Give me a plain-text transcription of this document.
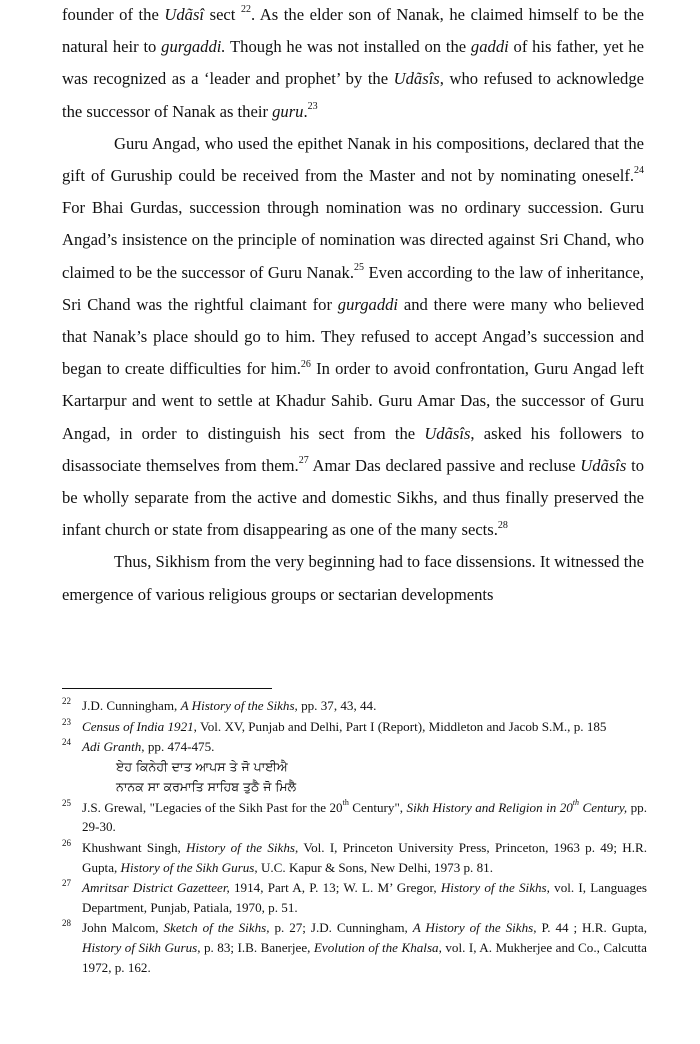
founder of the Udãsî sect $^{22}$. As the elder son of Nanak, he claimed himself to be the natural heir to gurgaddi. Though he was not installed on the gaddi of his father, yet he was recognized as a ‘leader and prophet’ by the Udãsîs, who refused to acknowledge the successor of Nanak as their guru.$^{23}$

Guru Angad, who used the epithet Nanak in his compositions, declared that the gift of Guruship could be received from the Master and not by nominating oneself.$^{24}$ For Bhai Gurdas, succession through nomination was no ordinary succession. Guru Angad’s insistence on the principle of nomination was directed against Sri Chand, who claimed to be the successor of Guru Nanak.$^{25}$ Even according to the law of inheritance, Sri Chand was the rightful claimant for gurgaddi and there were many who believed that Nanak’s place should go to him. They refused to accept Angad’s succession and began to create difficulties for him.$^{26}$ In order to avoid confrontation, Guru Angad left Kartarpur and went to settle at Khadur Sahib. Guru Amar Das, the successor of Guru Angad, in order to distinguish his sect from the Udãsîs, asked his followers to disassociate themselves from them.$^{27}$ Amar Das declared passive and recluse Udãsîs to be wholly separate from the active and domestic Sikhs, and thus finally preserved the infant church or state from disappearing as one of the many sects.$^{28}$

Thus, Sikhism from the very beginning had to face dissensions. It witnessed the emergence of various religious groups or sectarian developments

22 J.D. Cunningham, A History of the Sikhs, pp. 37, 43, 44.
23 Census of India 1921, Vol. XV, Punjab and Delhi, Part I (Report), Middleton and Jacob S.M., p. 185
24 Adi Granth, pp. 474-475.
ਏਹ ਕਿਨੇਹੀ ਦਾਤ ਆਪਸ ਤੇ ਜੋ ਪਾਈਐ
ਨਾਨਕ ਸਾ ਕਰਮਾਤਿ ਸਾਹਿਬ ਤੁਠੈ ਜੋ ਮਿਲੈ
25 J.S. Grewal, "Legacies of the Sikh Past for the 20th Century", Sikh History and Religion in 20th Century, pp. 29-30.
26 Khushwant Singh, History of the Sikhs, Vol. I, Princeton University Press, Princeton, 1963 p. 49; H.R. Gupta, History of the Sikh Gurus, U.C. Kapur & Sons, New Delhi, 1973 p. 81.
27 Amritsar District Gazetteer, 1914, Part A, P. 13; W. L. M’ Gregor, History of the Sikhs, vol. I, Languages Department, Punjab, Patiala, 1970, p. 51.
28 John Malcom, Sketch of the Sikhs, p. 27; J.D. Cunningham, A History of the Sikhs, P. 44 ; H.R. Gupta, History of Sikh Gurus, p. 83; I.B. Banerjee, Evolution of the Khalsa, vol. I, A. Mukherjee and Co., Calcutta 1972, p. 162.
